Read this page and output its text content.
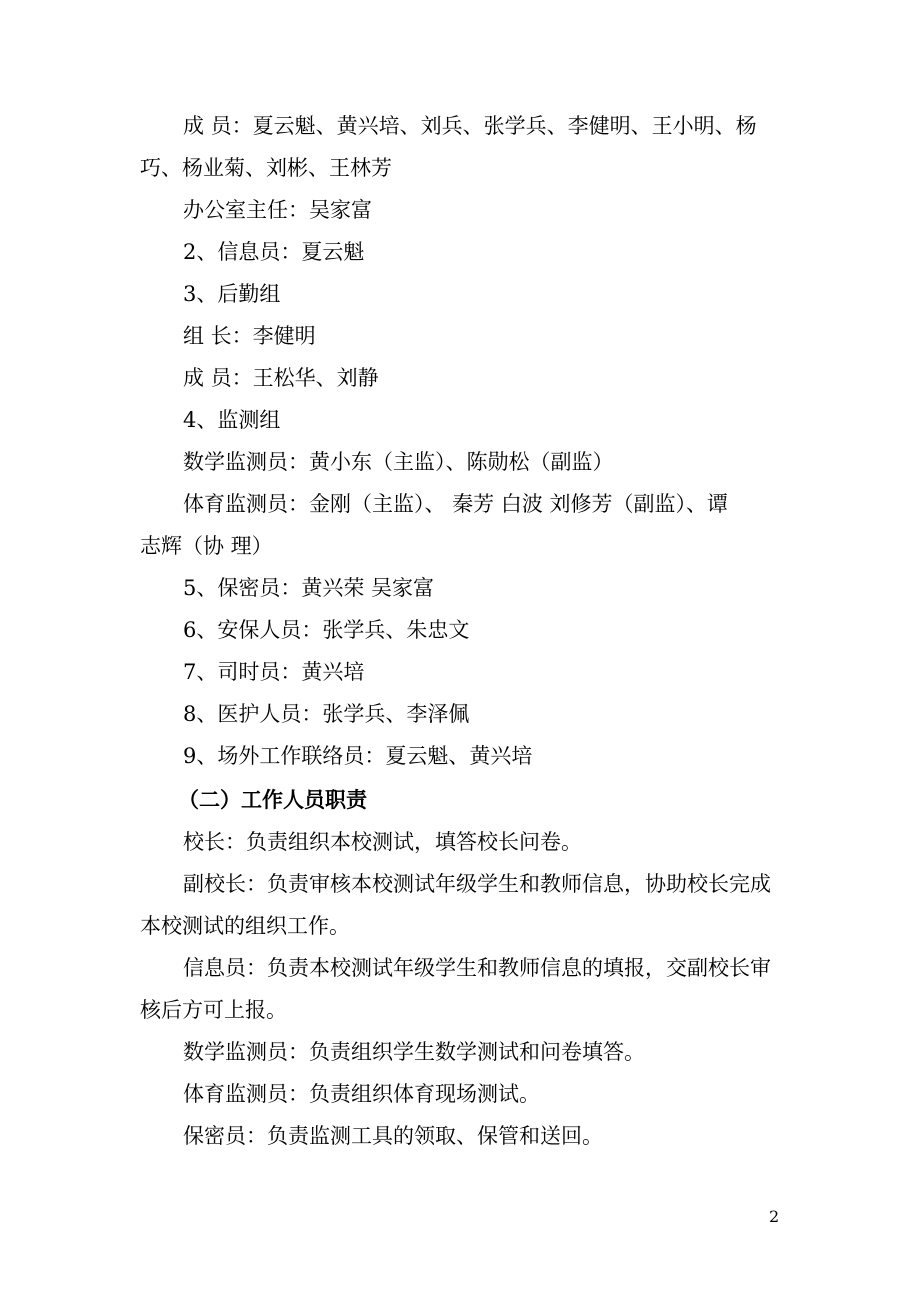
成 员：夏云魁、黄兴培、刘兵、张学兵、李健明、王小明、杨
巧、杨业菊、刘彬、王林芳
办公室主任：吴家富
2、信息员：夏云魁
3、后勤组
组 长：李健明
成 员：王松华、刘静
4、监测组
数学监测员：黄小东（主监）、陈勋松（副监）
体育监测员：金刚（主监）、 秦芳 白波 刘修芳（副监）、谭
志辉（协 理）
5、保密员：黄兴荣 吴家富
6、安保人员：张学兵、朱忠文
7、司时员：黄兴培
8、医护人员：张学兵、李泽佩
9、场外工作联络员：夏云魁、黄兴培
（二）工作人员职责
校长：负责组织本校测试，填答校长问卷。
副校长：负责审核本校测试年级学生和教师信息，协助校长完成
本校测试的组织工作。
信息员：负责本校测试年级学生和教师信息的填报，交副校长审
核后方可上报。
数学监测员：负责组织学生数学测试和问卷填答。
体育监测员：负责组织体育现场测试。
保密员：负责监测工具的领取、保管和送回。
2
